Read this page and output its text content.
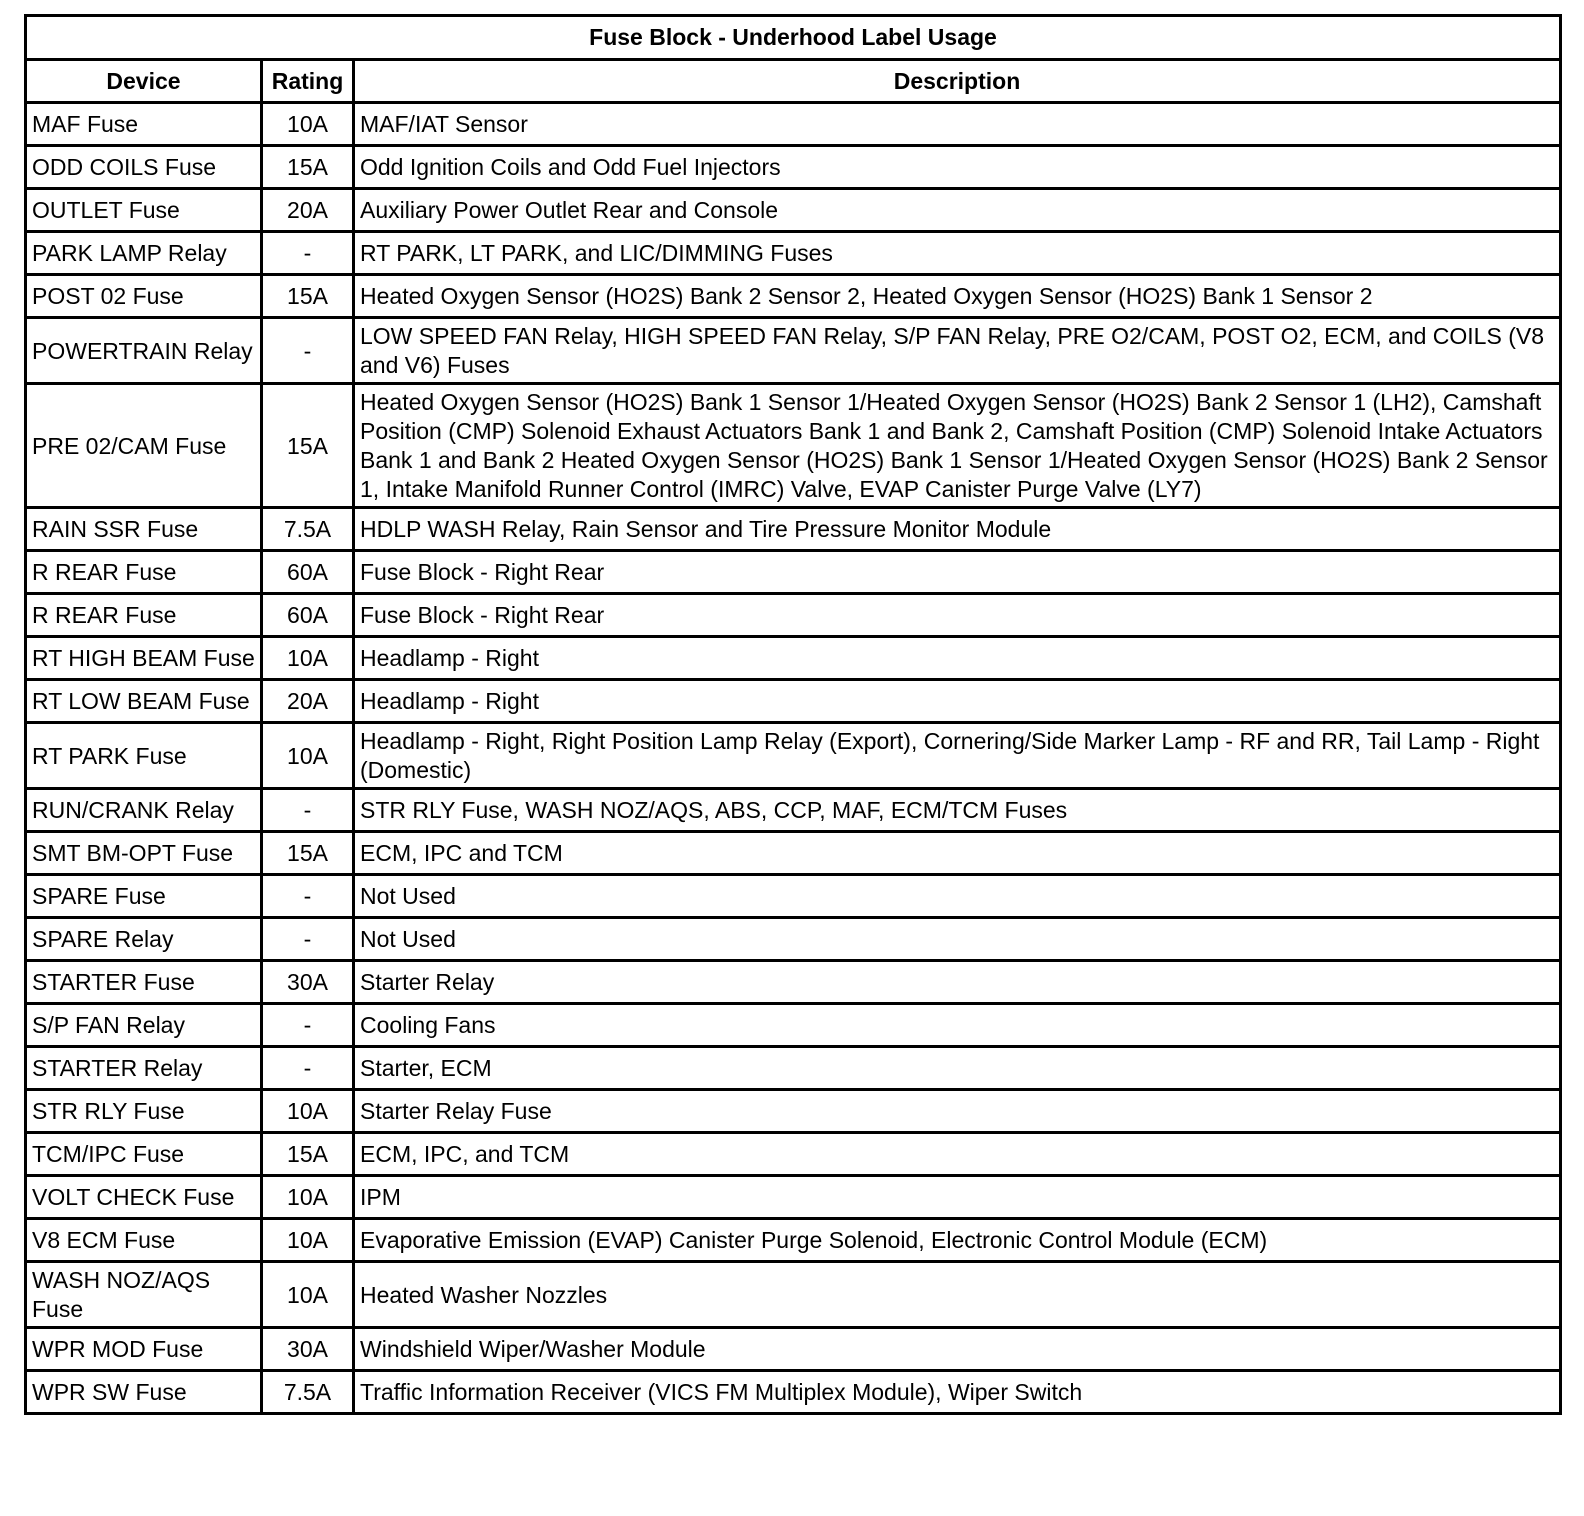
Fuse Block - Underhood Label Usage		
Device	Rating	Description
MAF Fuse	10A	MAF/IAT Sensor
ODD COILS Fuse	15A	Odd Ignition Coils and Odd Fuel Injectors
OUTLET Fuse	20A	Auxiliary Power Outlet Rear and Console
PARK LAMP Relay	-	RT PARK, LT PARK, and LIC/DIMMING Fuses
POST 02 Fuse	15A	Heated Oxygen Sensor (HO2S) Bank 2 Sensor 2, Heated Oxygen Sensor (HO2S) Bank 1 Sensor 2
POWERTRAIN Relay	-	LOW SPEED FAN Relay, HIGH SPEED FAN Relay, S/P FAN Relay, PRE O2/CAM, POST O2, ECM, and COILS (V8 and V6) Fuses
PRE 02/CAM Fuse	15A	Heated Oxygen Sensor (HO2S) Bank 1 Sensor 1/Heated Oxygen Sensor (HO2S) Bank 2 Sensor 1 (LH2), Camshaft Position (CMP) Solenoid Exhaust Actuators Bank 1 and Bank 2, Camshaft Position (CMP) Solenoid Intake Actuators Bank 1 and Bank 2 Heated Oxygen Sensor (HO2S) Bank 1 Sensor 1/Heated Oxygen Sensor (HO2S) Bank 2 Sensor 1, Intake Manifold Runner Control (IMRC) Valve, EVAP Canister Purge Valve (LY7)
RAIN SSR Fuse	7.5A	HDLP WASH Relay, Rain Sensor and Tire Pressure Monitor Module
R REAR Fuse	60A	Fuse Block - Right Rear
R REAR Fuse	60A	Fuse Block - Right Rear
RT HIGH BEAM Fuse	10A	Headlamp - Right
RT LOW BEAM Fuse	20A	Headlamp - Right
RT PARK Fuse	10A	Headlamp - Right, Right Position Lamp Relay (Export), Cornering/Side Marker Lamp - RF and RR, Tail Lamp - Right (Domestic)
RUN/CRANK Relay	-	STR RLY Fuse, WASH NOZ/AQS, ABS, CCP, MAF, ECM/TCM Fuses
SMT BM-OPT Fuse	15A	ECM, IPC and TCM
SPARE Fuse	-	Not Used
SPARE Relay	-	Not Used
STARTER Fuse	30A	Starter Relay
S/P FAN Relay	-	Cooling Fans
STARTER Relay	-	Starter, ECM
STR RLY Fuse	10A	Starter Relay Fuse
TCM/IPC Fuse	15A	ECM, IPC, and TCM
VOLT CHECK Fuse	10A	IPM
V8 ECM Fuse	10A	Evaporative Emission (EVAP) Canister Purge Solenoid, Electronic Control Module (ECM)
WASH NOZ/AQS Fuse	10A	Heated Washer Nozzles
WPR MOD Fuse	30A	Windshield Wiper/Washer Module
WPR SW Fuse	7.5A	Traffic Information Receiver (VICS FM Multiplex Module), Wiper Switch
